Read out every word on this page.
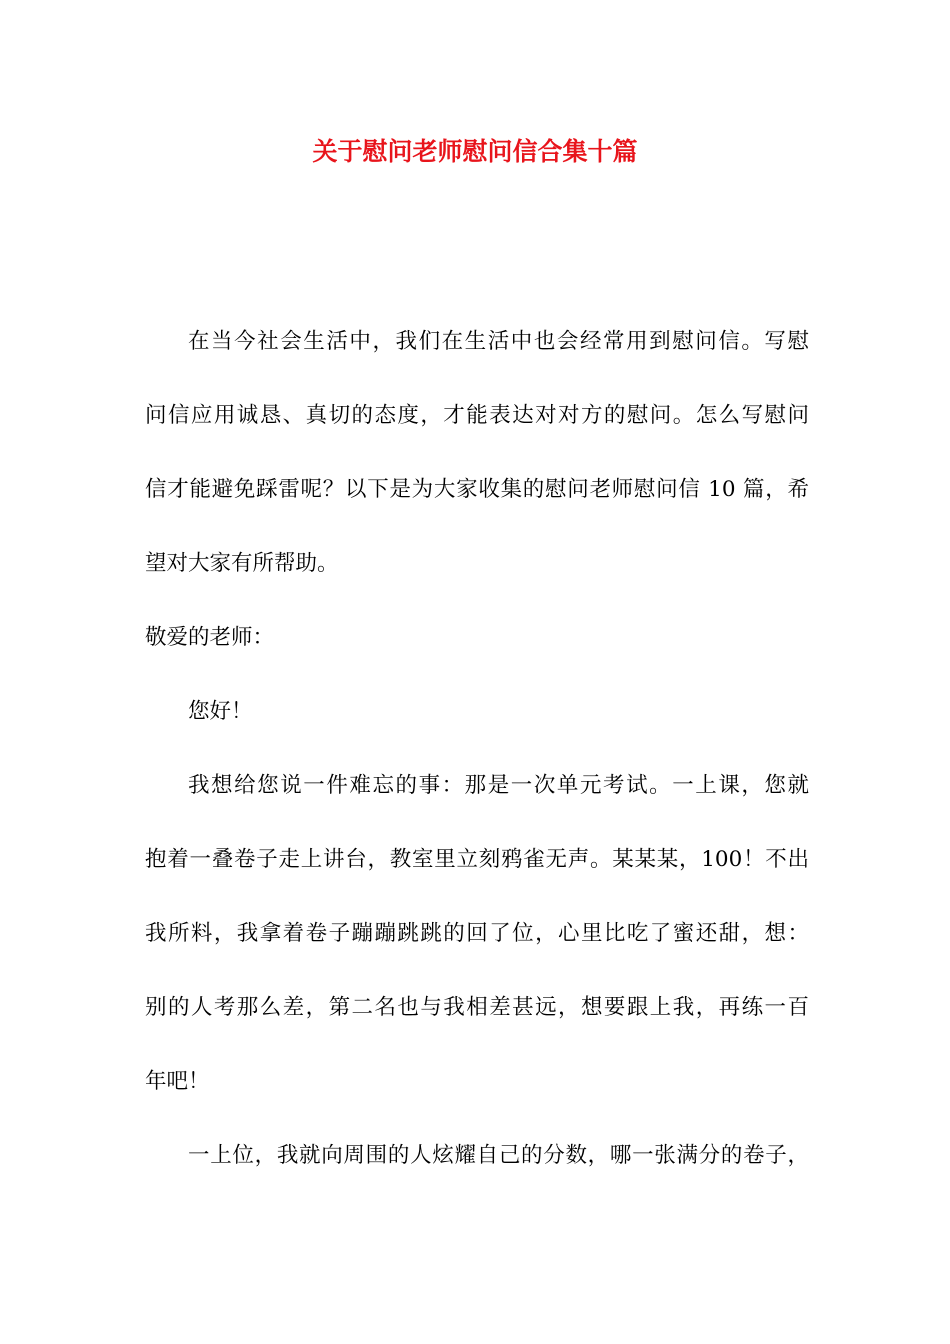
关于慰问老师慰问信合集十篇
在当今社会生活中，我们在生活中也会经常用到慰问信。写慰
问信应用诚恳、真切的态度，才能表达对对方的慰问。怎么写慰问
信才能避免踩雷呢？以下是为大家收集的慰问老师慰问信 10 篇，希
望对大家有所帮助。
敬爱的老师：
您好！
我想给您说一件难忘的事：那是一次单元考试。一上课，您就
抱着一叠卷子走上讲台，教室里立刻鸦雀无声。某某某，100！不出
我所料，我拿着卷子蹦蹦跳跳的回了位，心里比吃了蜜还甜，想：
别的人考那么差，第二名也与我相差甚远，想要跟上我，再练一百
年吧！
一上位，我就向周围的人炫耀自己的分数，哪一张满分的卷子，
